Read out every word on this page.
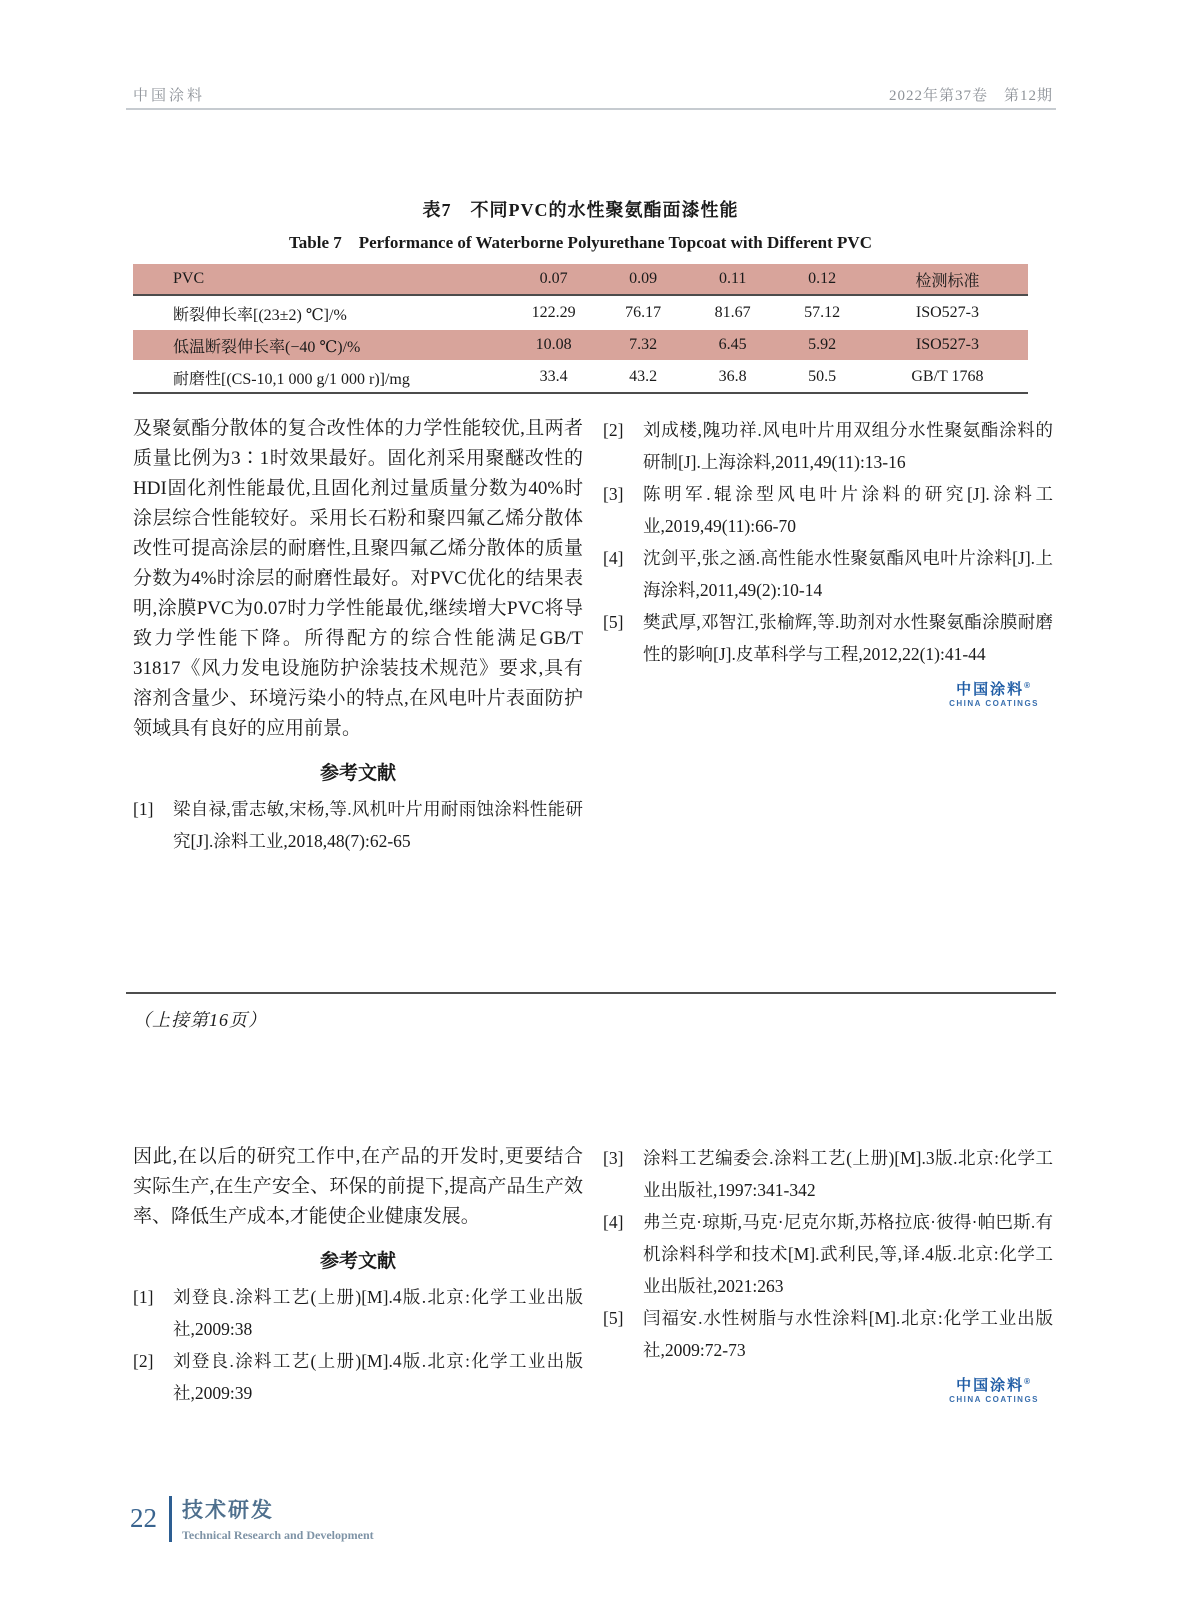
中国涂料	2022年第37卷　第12期
表7　不同PVC的水性聚氨酯面漆性能
Table 7　Performance of Waterborne Polyurethane Topcoat with Different PVC
PVC	0.07	0.09	0.11	0.12	检测标准
断裂伸长率[(23±2) ℃]/%	122.29	76.17	81.67	57.12	ISO527-3
低温断裂伸长率(−40 ℃)/%	10.08	7.32	6.45	5.92	ISO527-3
耐磨性[(CS-10,1 000 g/1 000 r)]/mg	33.4	43.2	36.8	50.5	GB/T 1768

及聚氨酯分散体的复合改性体的力学性能较优,且两者质量比例为3∶1时效果最好。固化剂采用聚醚改性的HDI固化剂性能最优,且固化剂过量质量分数为40%时涂层综合性能较好。采用长石粉和聚四氟乙烯分散体改性可提高涂层的耐磨性,且聚四氟乙烯分散体的质量分数为4%时涂层的耐磨性最好。对PVC优化的结果表明,涂膜PVC为0.07时力学性能最优,继续增大PVC将导致力学性能下降。所得配方的综合性能满足GB/T 31817《风力发电设施防护涂装技术规范》要求,具有溶剂含量少、环境污染小的特点,在风电叶片表面防护领域具有良好的应用前景。

参考文献
[1]	梁自禄,雷志敏,宋杨,等.风机叶片用耐雨蚀涂料性能研究[J].涂料工业,2018,48(7):62-65
[2]	刘成楼,隗功祥.风电叶片用双组分水性聚氨酯涂料的研制[J].上海涂料,2011,49(11):13-16
[3]	陈明军.辊涂型风电叶片涂料的研究[J].涂料工业,2019,49(11):66-70
[4]	沈剑平,张之涵.高性能水性聚氨酯风电叶片涂料[J].上海涂料,2011,49(2):10-14
[5]	樊武厚,邓智江,张榆辉,等.助剂对水性聚氨酯涂膜耐磨性的影响[J].皮革科学与工程,2012,22(1):41-44
中国涂料®
CHINA COATINGS
（上接第16页）

因此,在以后的研究工作中,在产品的开发时,更要结合实际生产,在生产安全、环保的前提下,提高产品生产效率、降低生产成本,才能使企业健康发展。

参考文献
[1]	刘登良.涂料工艺(上册)[M].4版.北京:化学工业出版社,2009:38
[2]	刘登良.涂料工艺(上册)[M].4版.北京:化学工业出版社,2009:39
[3]	涂料工艺编委会.涂料工艺(上册)[M].3版.北京:化学工业出版社,1997:341-342
[4]	弗兰克·琼斯,马克·尼克尔斯,苏格拉底·彼得·帕巴斯.有机涂料科学和技术[M].武利民,等,译.4版.北京:化学工业出版社,2021:263
[5]	闫福安.水性树脂与水性涂料[M].北京:化学工业出版社,2009:72-73
中国涂料®
CHINA COATINGS
22 技术研发
Technical Research and Development
